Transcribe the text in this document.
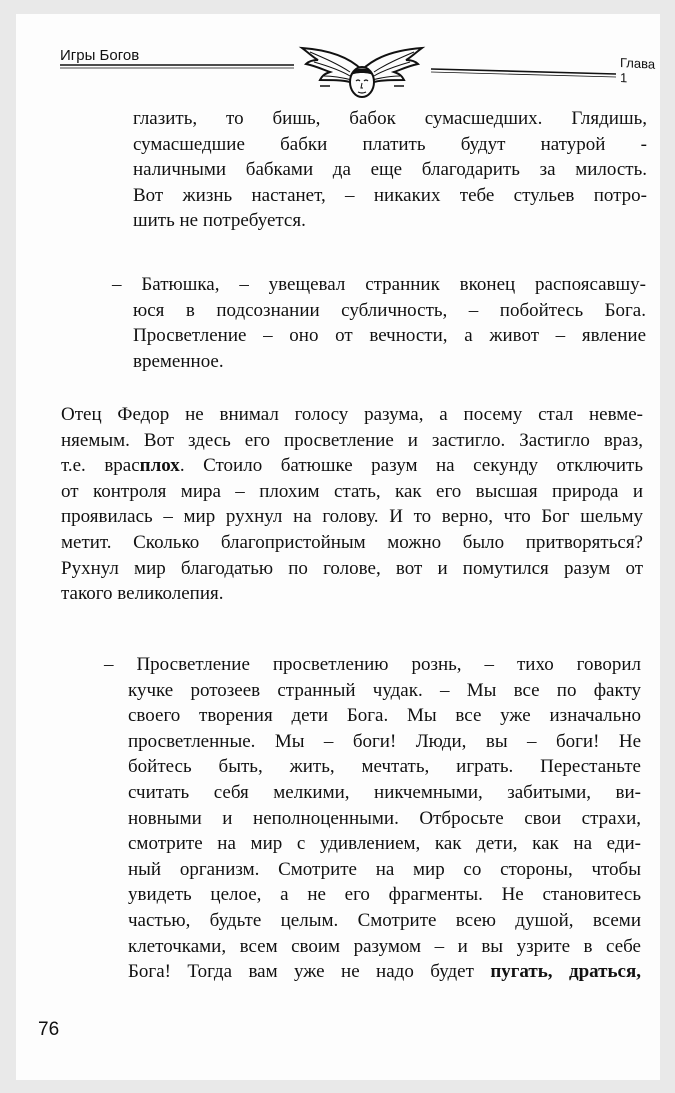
Игры Богов	Глава 1
глазить, то бишь, бабок сумасшедших. Глядишь,
сумасшедшие бабки платить будут натурой -
наличными бабками да еще благодарить за милость.
Вот жизнь настанет, – никаких тебе стульев потро-
шить не потребуется.
– Батюшка, – увещевал странник вконец распоясавшу-
юся в подсознании субличность, – побойтесь Бога.
Просветление – оно от вечности, а живот – явление
временное.
Отец Федор не внимал голосу разума, а посему стал невме-
няемым. Вот здесь его просветление и застигло. Застигло враз,
т.е. врасплох. Стоило батюшке разум на секунду отключить
от контроля мира – плохим стать, как его высшая природа и
проявилась – мир рухнул на голову. И то верно, что Бог шельму
метит. Сколько благопристойным можно было притворяться?
Рухнул мир благодатью по голове, вот и помутился разум от
такого великолепия.
– Просветление просветлению рознь, – тихо говорил
кучке ротозеев странный чудак. – Мы все по факту
своего творения дети Бога. Мы все уже изначально
просветленные. Мы – боги! Люди, вы – боги! Не
бойтесь быть, жить, мечтать, играть. Перестаньте
считать себя мелкими, никчемными, забитыми, ви-
новными и неполноценными. Отбросьте свои страхи,
смотрите на мир с удивлением, как дети, как на еди-
ный организм. Смотрите на мир со стороны, чтобы
увидеть целое, а не его фрагменты. Не становитесь
частью, будьте целым. Смотрите всею душой, всеми
клеточками, всем своим разумом – и вы узрите в себе
Бога! Тогда вам уже не надо будет пугать, драться,
76
